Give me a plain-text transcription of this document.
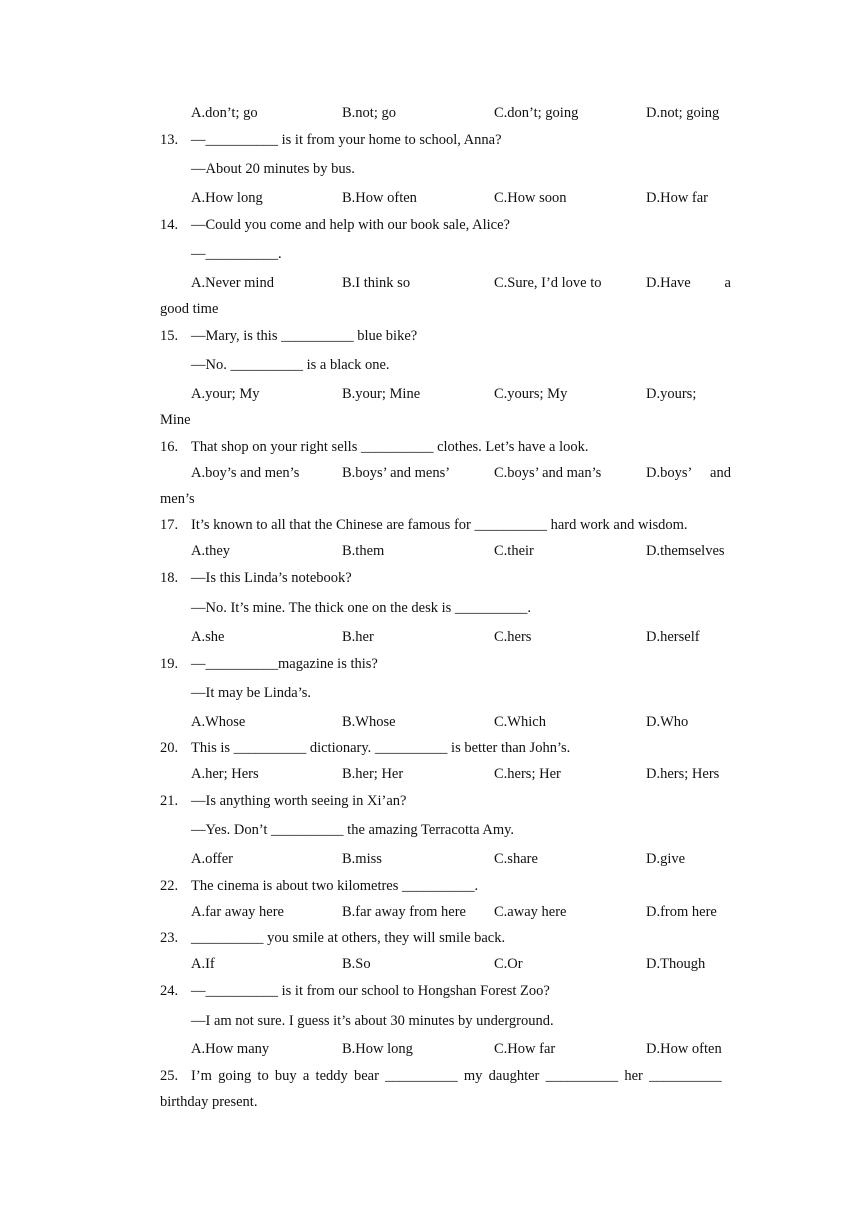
A.don’t; go	B.not; go	C.don’t; going	D.not; going
13. —__________ is it from your home to school, Anna?
—About 20 minutes by bus.
A.How long	B.How often	C.How soon	D.How far
14. —Could you come and help with our book sale, Alice?
—__________.
A.Never mind	B.I think so	C.Sure, I’d love to	D.Have a
good time
15. —Mary, is this __________ blue bike?
—No. __________ is a black one.
A.your; My	B.your; Mine	C.yours; My	D.yours;
Mine
16. That shop on your right sells __________ clothes. Let’s have a look.
A.boy’s and men’s	B.boys’ and mens’	C.boys’ and man’s	D.boys’ and
men’s
17. It’s known to all that the Chinese are famous for __________ hard work and wisdom.
A.they	B.them	C.their	D.themselves
18. —Is this Linda’s notebook?
—No. It’s mine. The thick one on the desk is __________.
A.she	B.her	C.hers	D.herself
19. —__________magazine is this?
—It may be Linda’s.
A.Whose	B.Whose	C.Which	D.Who
20. This is __________ dictionary. __________ is better than John’s.
A.her; Hers	B.her; Her	C.hers; Her	D.hers; Hers
21. —Is anything worth seeing in Xi’an?
—Yes. Don’t __________ the amazing Terracotta Amy.
A.offer	B.miss	C.share	D.give
22. The cinema is about two kilometres __________.
A.far away here	B.far away from here C.away here	D.from here
23. __________ you smile at others, they will smile back.
A.If	B.So	C.Or	D.Though
24. —__________ is it from our school to Hongshan Forest Zoo?
—I am not sure. I guess it’s about 30 minutes by underground.
A.How many	B.How long	C.How far	D.How often
25. I’m going to buy a teddy bear __________ my daughter __________ her __________
birthday present.
